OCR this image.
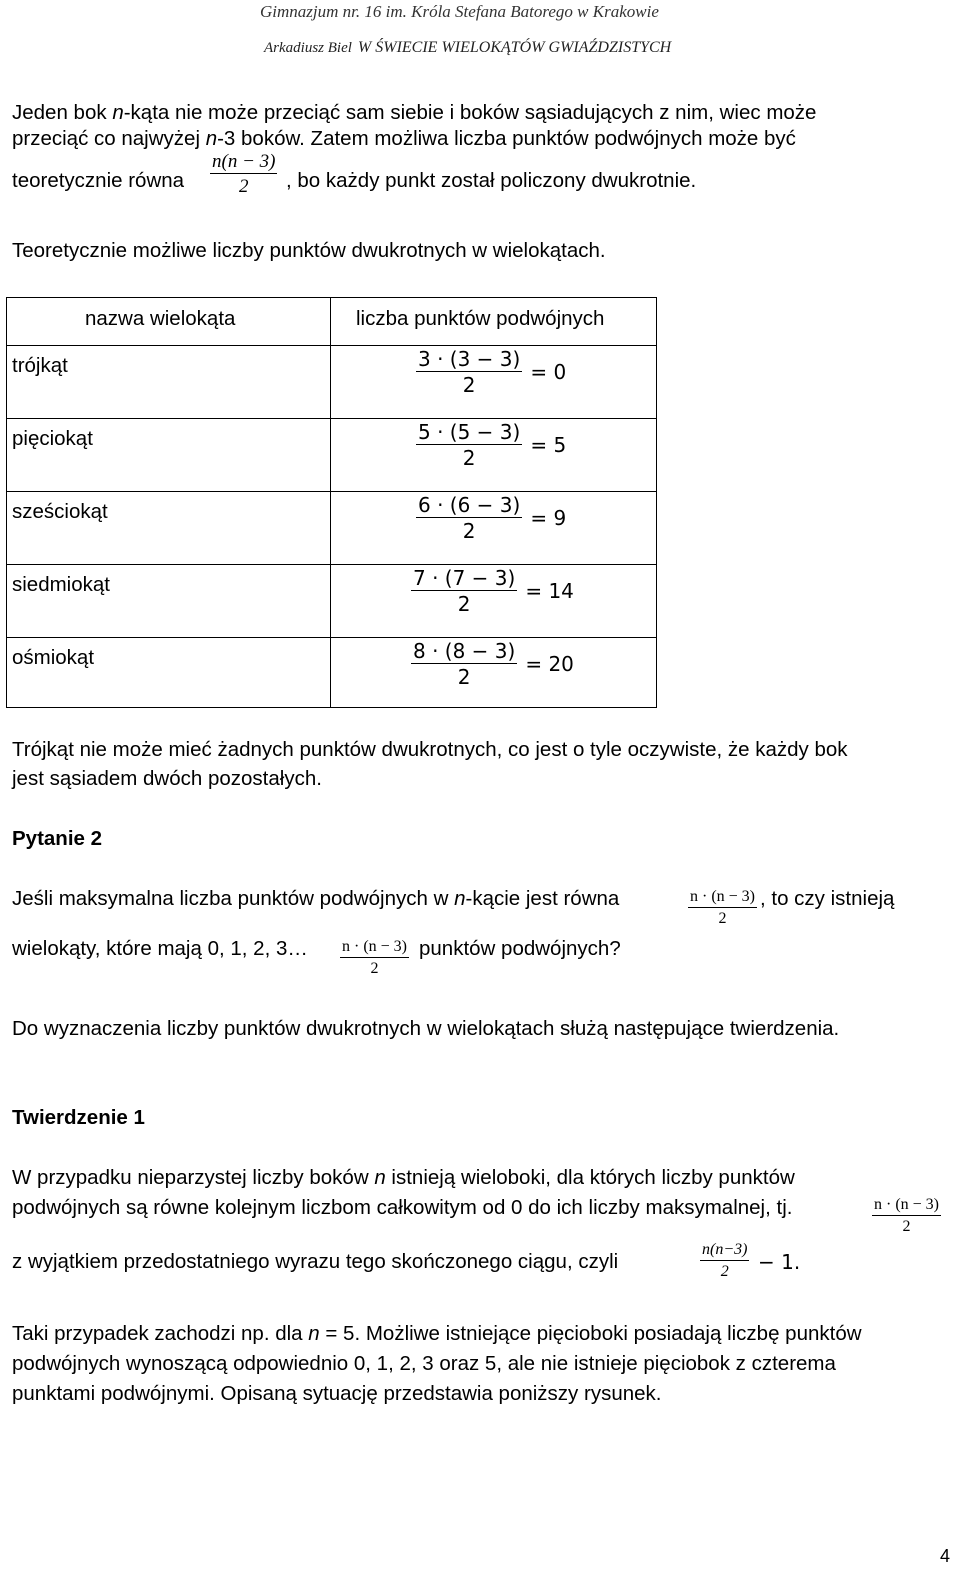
Gimnazjum nr. 16 im. Króla Stefana Batorego w Krakowie
Arkadiusz Biel W ŚWIECIE WIELOKĄTÓW GWIAŹDZISTYCH
Jeden bok n-kąta nie może przeciąć sam siebie i boków sąsiadujących z nim, wiec może
przeciąć co najwyżej n-3 boków. Zatem możliwa liczba punktów podwójnych może być
teoretycznie równa $\frac{n(n - 3)}{2}$ , bo każdy punkt został policzony dwukrotnie.
Teoretycznie możliwe liczby punktów dwukrotnych w wielokątach.
nazwa wielokąta	liczba punktów podwójnych

trójkąt	$\frac{3 \cdot (3 - 3)}{2} = 0$

pięciokąt	$\frac{5 \cdot (5 - 3)}{2} = 5$

sześciokąt	$\frac{6 \cdot (6 - 3)}{2} = 9$

siedmiokąt	$\frac{7 \cdot (7 - 3)}{2} = 14$

ośmiokąt	$\frac{8 \cdot (8 - 3)}{2} = 20$
Trójkąt nie może mieć żadnych punktów dwukrotnych, co jest o tyle oczywiste, że każdy bok
jest sąsiadem dwóch pozostałych.
Pytanie 2
Jeśli maksymalna liczba punktów podwójnych w n-kącie jest równa	$\frac{n \cdot (n - 3)}{2}$ , to czy istnieją
wielokąty, które mają 0, 1, 2, 3… $\frac{n \cdot (n - 3)}{2}$ punktów podwójnych?
Do wyznaczenia liczby punktów dwukrotnych w wielokątach służą następujące twierdzenia.
Twierdzenie 1
W przypadku nieparzystej liczby boków n istnieją wieloboki, dla których liczby punktów
podwójnych są równe kolejnym liczbom całkowitym od 0 do ich liczby maksymalnej, tj.	$\frac{n \cdot (n - 3)}{2}$
z wyjątkiem przedostatniego wyrazu tego skończonego ciągu, czyli	$\frac{n(n-3)}{2} - 1$.
Taki przypadek zachodzi np. dla n = 5. Możliwe istniejące pięcioboki posiadają liczbę punktów
podwójnych wynoszącą odpowiednio 0, 1, 2, 3 oraz 5, ale nie istnieje pięciobok z czterema
punktami podwójnymi. Opisaną sytuację przedstawia poniższy rysunek.
4
